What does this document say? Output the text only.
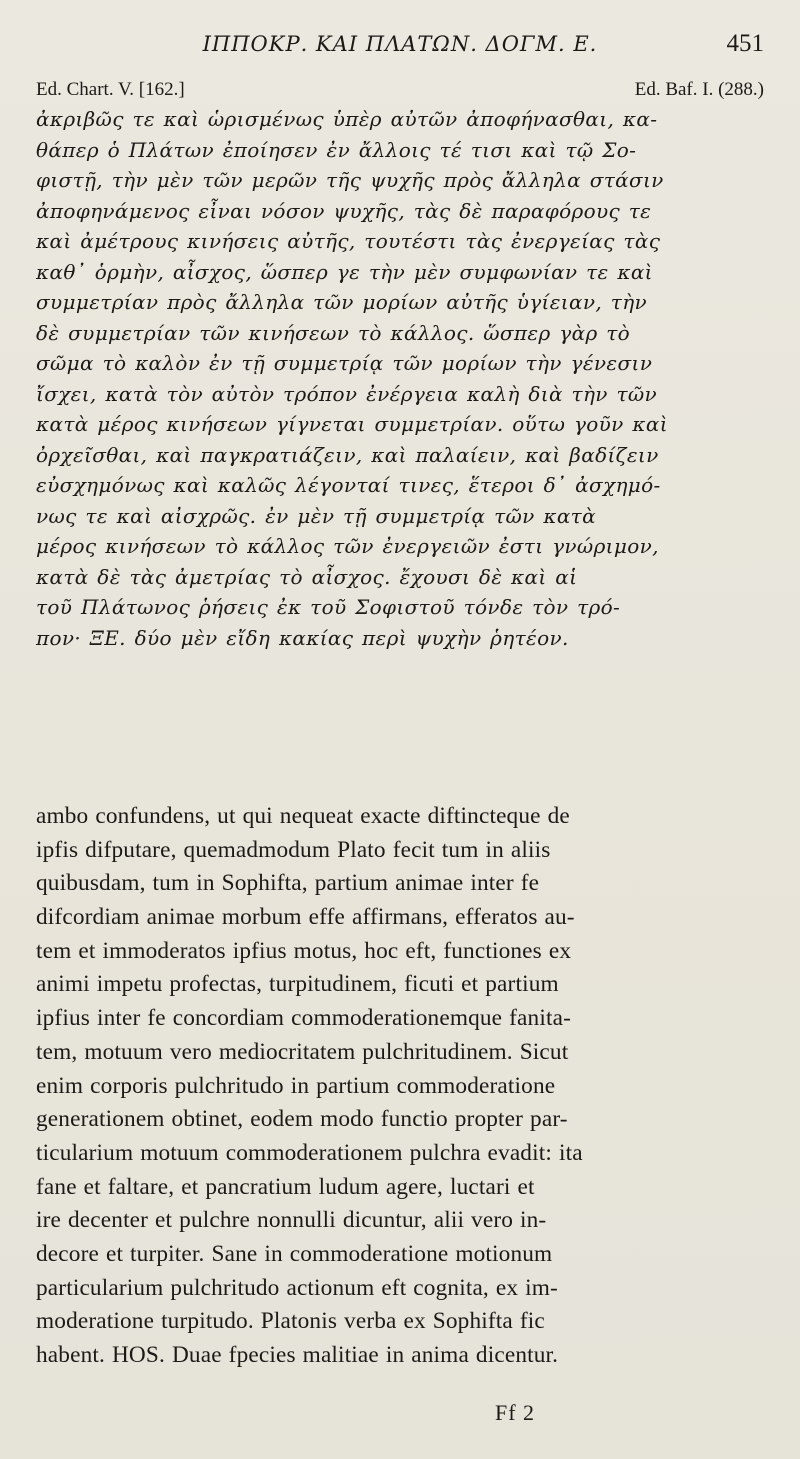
ΙΠΠΟΚΡ. ΚΑΙ ΠΛΑΤΩΝ. ΔΟΓΜ. Ε.	451
Ed. Chart. V. [162.]	Ed. Baf. I. (288.)
ἀκριβῶς τε καὶ ὡρισμένως ὑπὲρ αὐτῶν ἀποφήνασθαι, κα-
θάπερ ὁ Πλάτων ἐποίησεν ἐν ἄλλοις τέ τισι καὶ τῷ Σο-
φιστῇ, τὴν μὲν τῶν μερῶν τῆς ψυχῆς πρὸς ἄλληλα στάσιν
ἀποφηνάμενος εἶναι νόσον ψυχῆς, τὰς δὲ παραφόρους τε
καὶ ἀμέτρους κινήσεις αὐτῆς, τουτέστι τὰς ἐνεργείας τὰς
καθ᾽ ὁρμὴν, αἶσχος, ὥσπερ γε τὴν μὲν συμφωνίαν τε καὶ
συμμετρίαν πρὸς ἄλληλα τῶν μορίων αὐτῆς ὑγίειαν, τὴν
δὲ συμμετρίαν τῶν κινήσεων τὸ κάλλος. ὥσπερ γὰρ τὸ
σῶμα τὸ καλὸν ἐν τῇ συμμετρίᾳ τῶν μορίων τὴν γένεσιν
ἴσχει, κατὰ τὸν αὐτὸν τρόπον ἐνέργεια καλὴ διὰ τὴν τῶν
κατὰ μέρος κινήσεων γίγνεται συμμετρίαν. οὕτω γοῦν καὶ
ὀρχεῖσθαι, καὶ παγκρατιάζειν, καὶ παλαίειν, καὶ βαδίζειν
εὐσχημόνως καὶ καλῶς λέγονταί τινες, ἕτεροι δ᾽ ἀσχημό-
νως τε καὶ αἰσχρῶς. ἐν μὲν τῇ συμμετρίᾳ τῶν κατὰ
μέρος κινήσεων τὸ κάλλος τῶν ἐνεργειῶν ἐστι γνώριμον,
κατὰ δὲ τὰς ἀμετρίας τὸ αἶσχος. ἔχουσι δὲ καὶ αἱ
τοῦ Πλάτωνος ῥήσεις ἐκ τοῦ Σοφιστοῦ τόνδε τὸν τρό-
πον· ΞΕ. δύο μὲν εἴδη κακίας περὶ ψυχὴν ῥητέον.
ambo confundens, ut qui nequeat exacte diftincteque de
ipfis difputare, quemadmodum Plato fecit tum in aliis
quibusdam, tum in Sophifta, partium animae inter fe
difcordiam animae morbum effe affirmans, efferatos au-
tem et immoderatos ipfius motus, hoc eft, functiones ex
animi impetu profectas, turpitudinem, ficuti et partium
ipfius inter fe concordiam commoderationemque fanita-
tem, motuum vero mediocritatem pulchritudinem. Sicut
enim corporis pulchritudo in partium commoderatione
generationem obtinet, eodem modo functio propter par-
ticularium motuum commoderationem pulchra evadit: ita
fane et faltare, et pancratium ludum agere, luctari et
ire decenter et pulchre nonnulli dicuntur, alii vero in-
decore et turpiter. Sane in commoderatione motionum
particularium pulchritudo actionum eft cognita, ex im-
moderatione turpitudo. Platonis verba ex Sophifta fic
habent. HOS. Duae fpecies malitiae in anima dicentur.
Ff 2
